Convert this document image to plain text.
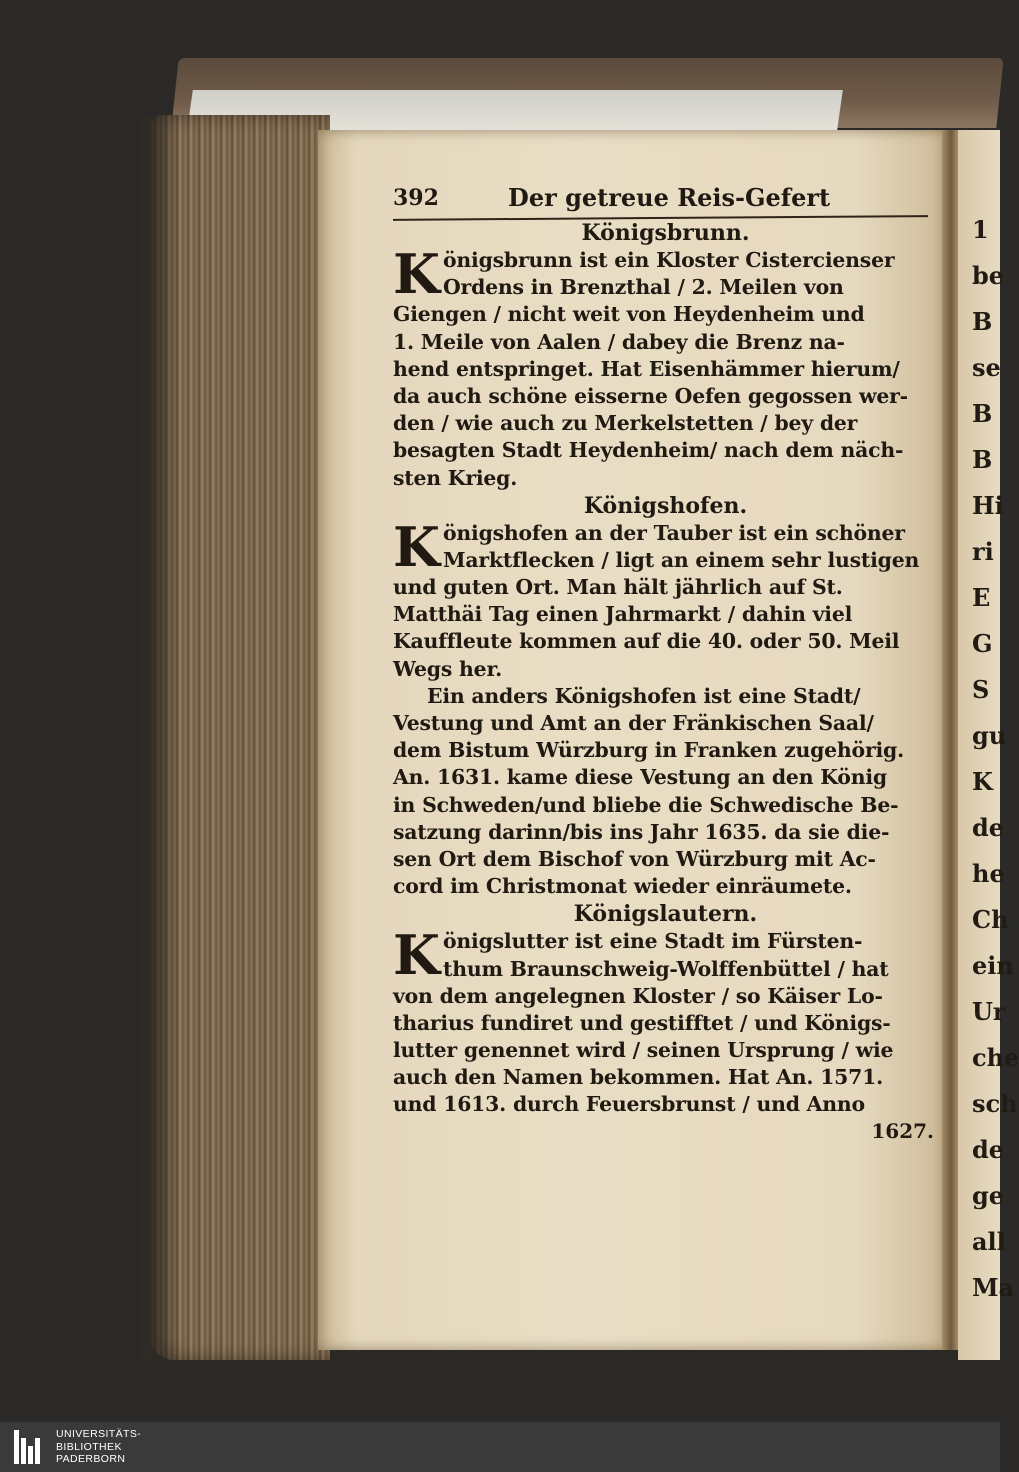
1
be
B
se
B
B
Hi
ri
E
G
S
gu
K
de
he
Ch
ein
Ur
che
sch
de
ge
all
Ma
392	Der getreue Reis-Gefert
Königsbrunn.
K önigsbrunn ist ein Kloster Cistercienser
Ordens in Brenzthal / 2. Meilen von
Giengen / nicht weit von Heydenheim und
1. Meile von Aalen / dabey die Brenz na-
hend entspringet. Hat Eisenhämmer hierum/
da auch schöne eisserne Oefen gegossen wer-
den / wie auch zu Merkelstetten / bey der
besagten Stadt Heydenheim/ nach dem näch-
sten Krieg.
Königshofen.
K önigshofen an der Tauber ist ein schöner
Marktflecken / ligt an einem sehr lustigen
und guten Ort. Man hält jährlich auf St.
Matthäi Tag einen Jahrmarkt / dahin viel
Kauffleute kommen auf die 40. oder 50. Meil
Wegs her.
Ein anders Königshofen ist eine Stadt/
Vestung und Amt an der Fränkischen Saal/
dem Bistum Würzburg in Franken zugehörig.
An. 1631. kame diese Vestung an den König
in Schweden/und bliebe die Schwedische Be-
satzung darinn/bis ins Jahr 1635. da sie die-
sen Ort dem Bischof von Würzburg mit Ac-
cord im Christmonat wieder einräumete.
Königslautern.
K önigslutter ist eine Stadt im Fürsten-
thum Braunschweig-Wolffenbüttel / hat
von dem angelegnen Kloster / so Käiser Lo-
tharius fundiret und gestifftet / und Königs-
lutter genennet wird / seinen Ursprung / wie
auch den Namen bekommen. Hat An. 1571.
und 1613. durch Feuersbrunst / und Anno
1627.
UNIVERSITÄTS-
BIBLIOTHEK
PADERBORN
